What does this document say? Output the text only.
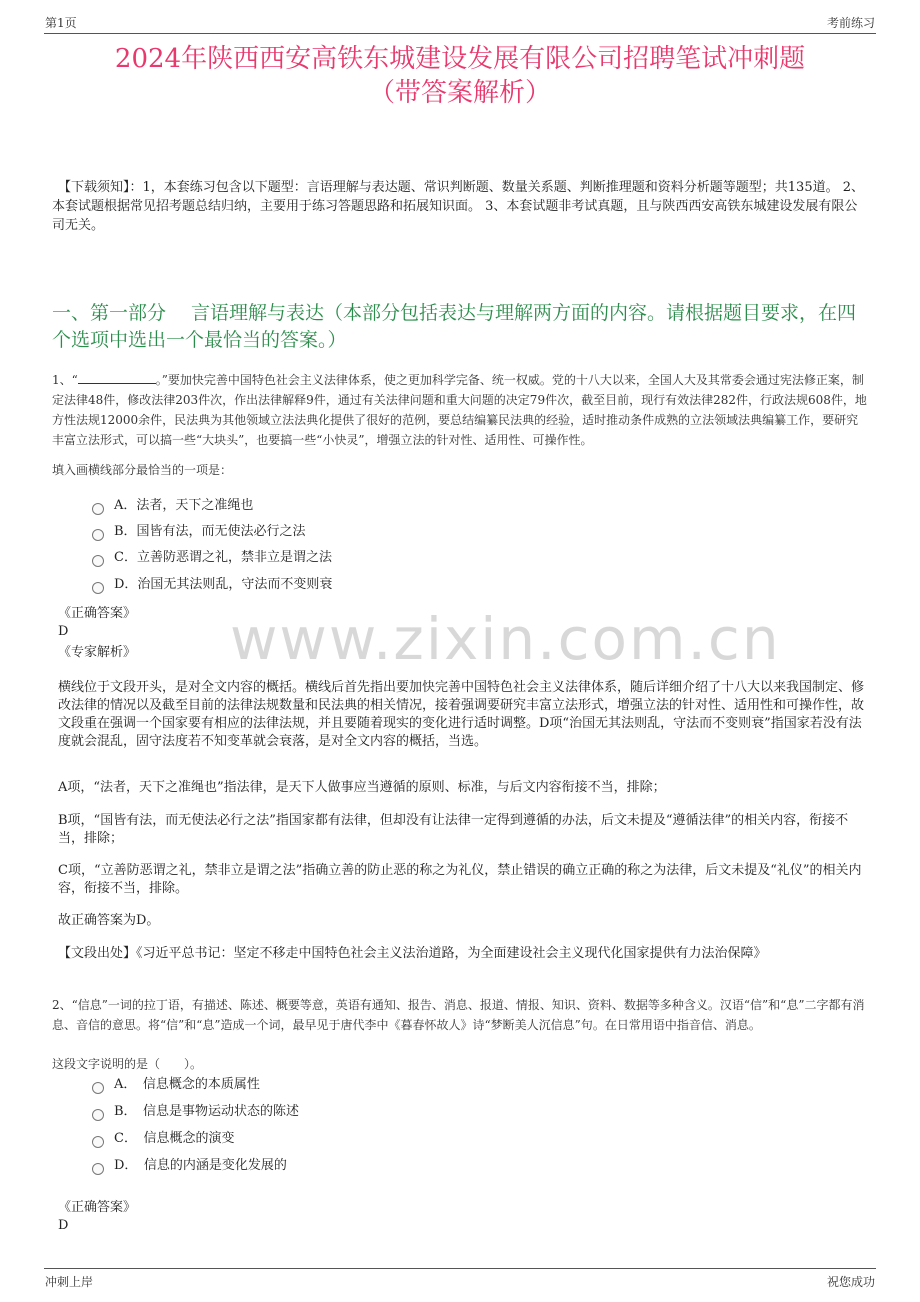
第1页	考前练习
www.zixin.com.cn
2024年陕西西安高铁东城建设发展有限公司招聘笔试冲刺题
（带答案解析）
【下载须知】：1，本套练习包含以下题型：言语理解与表达题、常识判断题、数量关系题、判断推理题和资料分析题等题型；共135道。 2、本套试题根据常见招考题总结归纳，主要用于练习答题思路和拓展知识面。 3、本套试题非考试真题，且与陕西西安高铁东城建设发展有限公司无关。
一、第一部分　 言语理解与表达（本部分包括表达与理解两方面的内容。请根据题目要求，在四个选项中选出一个最恰当的答案。）
1、“	。”要加快完善中国特色社会主义法律体系，使之更加科学完备、统一权威。党的十八大以来，全国人大及其常委会通过宪法修正案，制定法律48件，修改法律203件次，作出法律解释9件，通过有关法律问题和重大问题的决定79件次，截至目前，现行有效法律282件，行政法规608件，地方性法规12000余件，民法典为其他领域立法法典化提供了很好的范例，要总结编纂民法典的经验，适时推动条件成熟的立法领域法典编纂工作，要研究丰富立法形式，可以搞一些“大块头”，也要搞一些“小快灵”，增强立法的针对性、适用性、可操作性。
填入画横线部分最恰当的一项是：
A．法者，天下之准绳也
B．国皆有法，而无使法必行之法
C．立善防恶谓之礼，禁非立是谓之法
D．治国无其法则乱，守法而不变则衰
《正确答案》
D
《专家解析》
横线位于文段开头，是对全文内容的概括。横线后首先指出要加快完善中国特色社会主义法律体系，随后详细介绍了十八大以来我国制定、修改法律的情况以及截至目前的法律法规数量和民法典的相关情况，接着强调要研究丰富立法形式，增强立法的针对性、适用性和可操作性，故文段重在强调一个国家要有相应的法律法规，并且要随着现实的变化进行适时调整。D项“治国无其法则乱，守法而不变则衰”指国家若没有法度就会混乱，固守法度若不知变革就会衰落，是对全文内容的概括，当选。
A项，“法者，天下之准绳也”指法律，是天下人做事应当遵循的原则、标准，与后文内容衔接不当，排除；
B项，“国皆有法，而无使法必行之法”指国家都有法律，但却没有让法律一定得到遵循的办法，后文未提及“遵循法律”的相关内容，衔接不当，排除；
C项，“立善防恶谓之礼，禁非立是谓之法”指确立善的防止恶的称之为礼仪，禁止错误的确立正确的称之为法律，后文未提及“礼仪”的相关内容，衔接不当，排除。
故正确答案为D。
【文段出处】《习近平总书记：坚定不移走中国特色社会主义法治道路，为全面建设社会主义现代化国家提供有力法治保障》
2、“信息”一词的拉丁语，有描述、陈述、概要等意，英语有通知、报告、消息、报道、情报、知识、资料、数据等多种含义。汉语“信”和“息”二字都有消息、音信的意思。将“信”和“息”造成一个词，最早见于唐代李中《暮春怀故人》诗“梦断美人沉信息”句。在日常用语中指音信、消息。
这段文字说明的是（　　）。
A．　信息概念的本质属性
B．　信息是事物运动状态的陈述
C．　信息概念的演变
D．　信息的内涵是变化发展的
《正确答案》
D
冲刺上岸	祝您成功
